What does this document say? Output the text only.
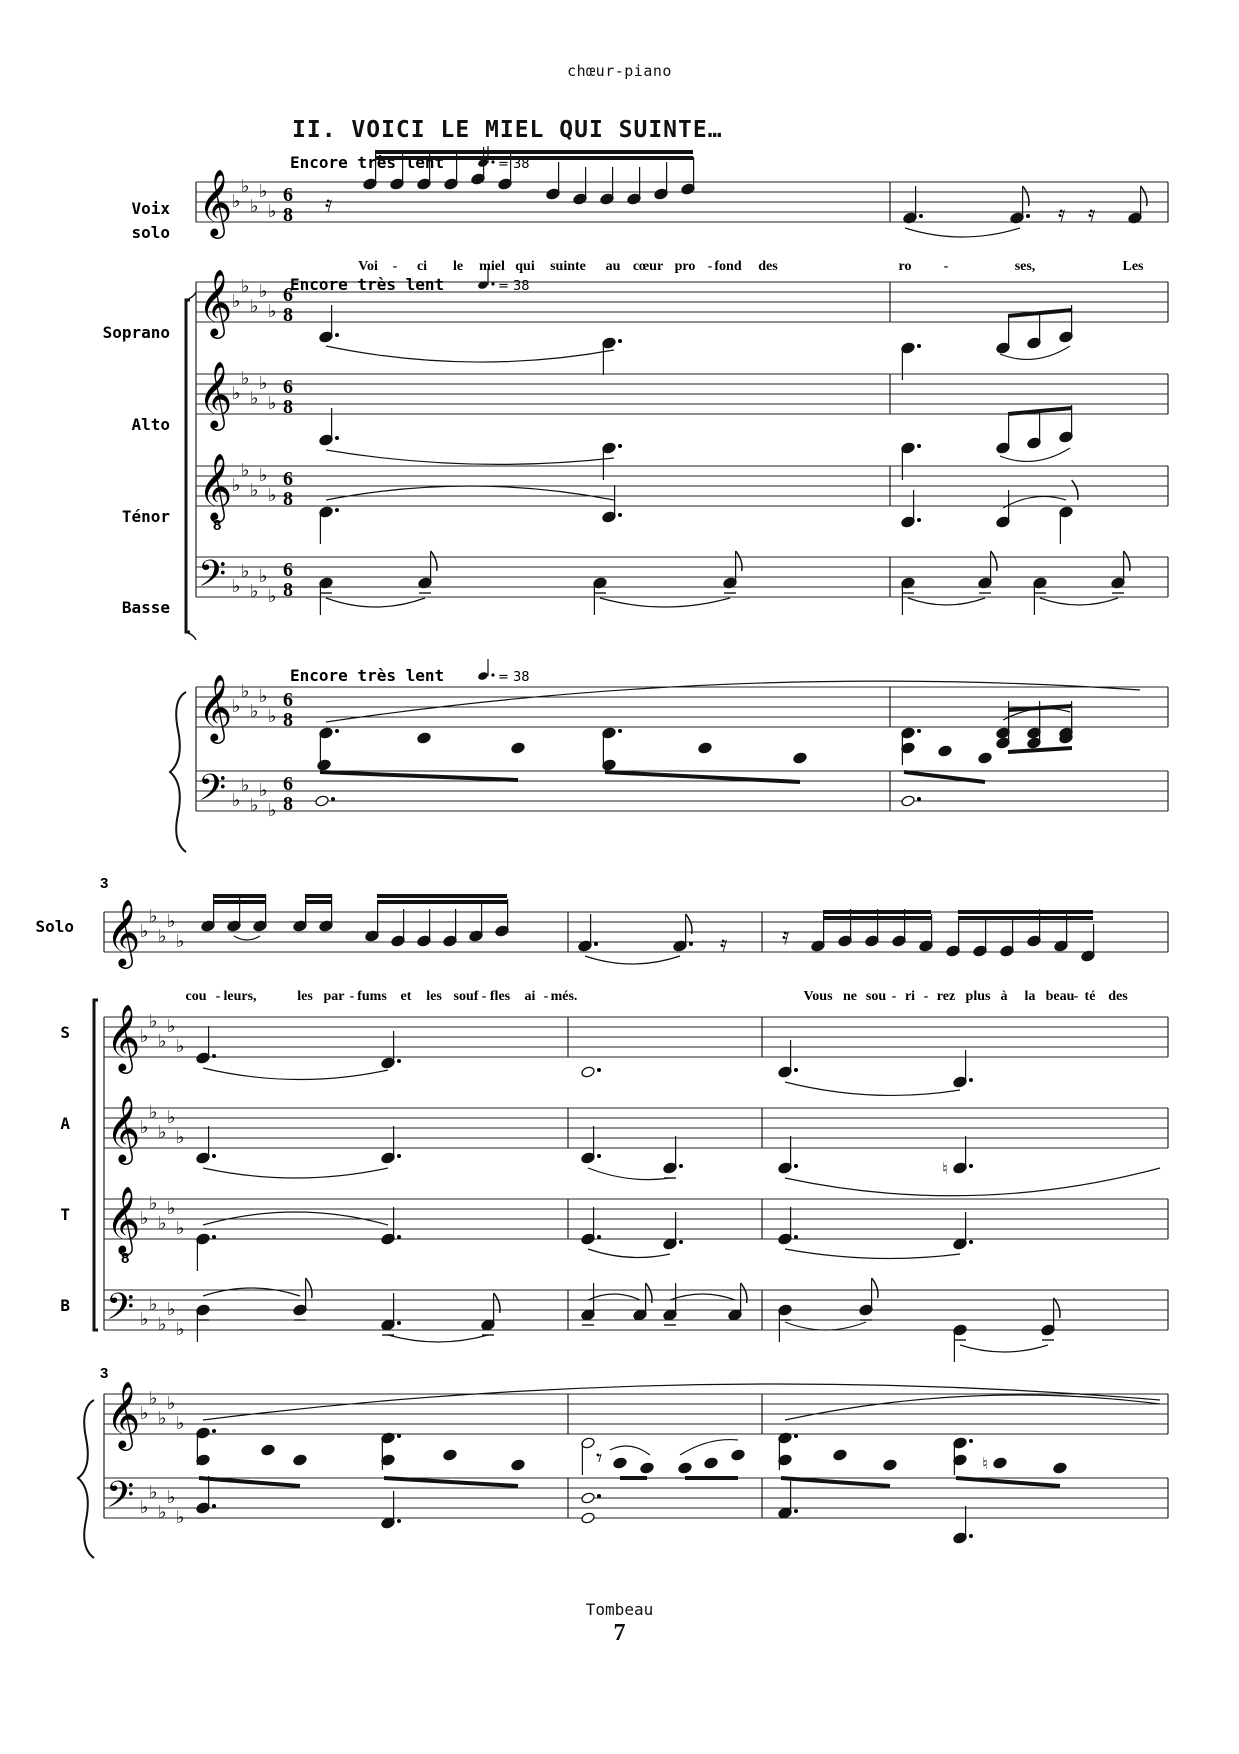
chœur-piano
II. VOICI LE MIEL QUI SUINTE…
Voix
solo
Soprano
Alto
Ténor
Basse
𝄞 ♭
♭
♭
♭
♭
6
8
𝄞 ♭
♭
♭
♭
♭
6
8
𝄞 ♭
♭
♭
♭
♭
6
8
𝄞 ♭
♭
♭
♭
♭
6
8
8
𝄢 ♭
♭
♭
♭
♭
6
8
𝄞 ♭
♭
♭
♭
♭
6
8
𝄢 ♭
♭
♭
♭
♭
6
8
Encore très lent	= 38
Encore très lent	= 38
Encore très lent	= 38
𝄿	𝄿 𝄿
Voi - ci le miel qui suinte au cœur pro - fond des	ro -	ses,	Les
Solo
S
A
T
B
3
3
𝄞 ♭
♭
♭
♭
♭
𝄞 ♭
♭
♭
♭
♭
𝄞 ♭
♭
♭
♭
♭
𝄞 ♭
♭
♭
♭
♭
8
𝄢 ♭
♭
♭
♭
♭
𝄞 ♭
♭
♭
♭
♭
𝄢 ♭
♭
♭
♭
♭
𝄿 𝄿
cou - leurs,	les par - fums et les souf - fles ai - més.	Vous ne sou - ri - rez plus à la beau - té des
♮
𝄾	♮
Tombeau
7
